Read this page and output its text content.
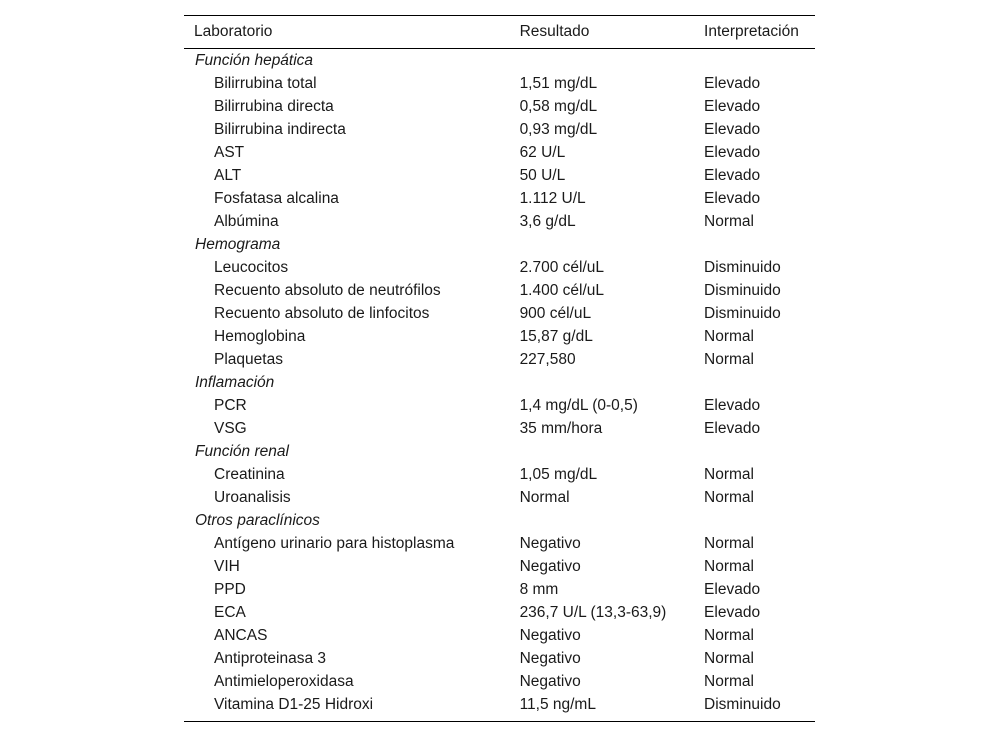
Laboratorio	Resultado	Interpretación
Función hepática		
Bilirrubina total	1,51 mg/dL	Elevado
Bilirrubina directa	0,58 mg/dL	Elevado
Bilirrubina indirecta	0,93 mg/dL	Elevado
AST	62 U/L	Elevado
ALT	50 U/L	Elevado
Fosfatasa alcalina	1.112 U/L	Elevado
Albúmina	3,6 g/dL	Normal
Hemograma		
Leucocitos	2.700 cél/uL	Disminuido
Recuento absoluto de neutrófilos	1.400 cél/uL	Disminuido
Recuento absoluto de linfocitos	900 cél/uL	Disminuido
Hemoglobina	15,87 g/dL	Normal
Plaquetas	227,580	Normal
Inflamación		
PCR	1,4 mg/dL (0-0,5)	Elevado
VSG	35 mm/hora	Elevado
Función renal		
Creatinina	1,05 mg/dL	Normal
Uroanalisis	Normal	Normal
Otros paraclínicos		
Antígeno urinario para histoplasma	Negativo	Normal
VIH	Negativo	Normal
PPD	8 mm	Elevado
ECA	236,7 U/L (13,3-63,9)	Elevado
ANCAS	Negativo	Normal
Antiproteinasa 3	Negativo	Normal
Antimieloperoxidasa	Negativo	Normal
Vitamina D1-25 Hidroxi	11,5 ng/mL	Disminuido
